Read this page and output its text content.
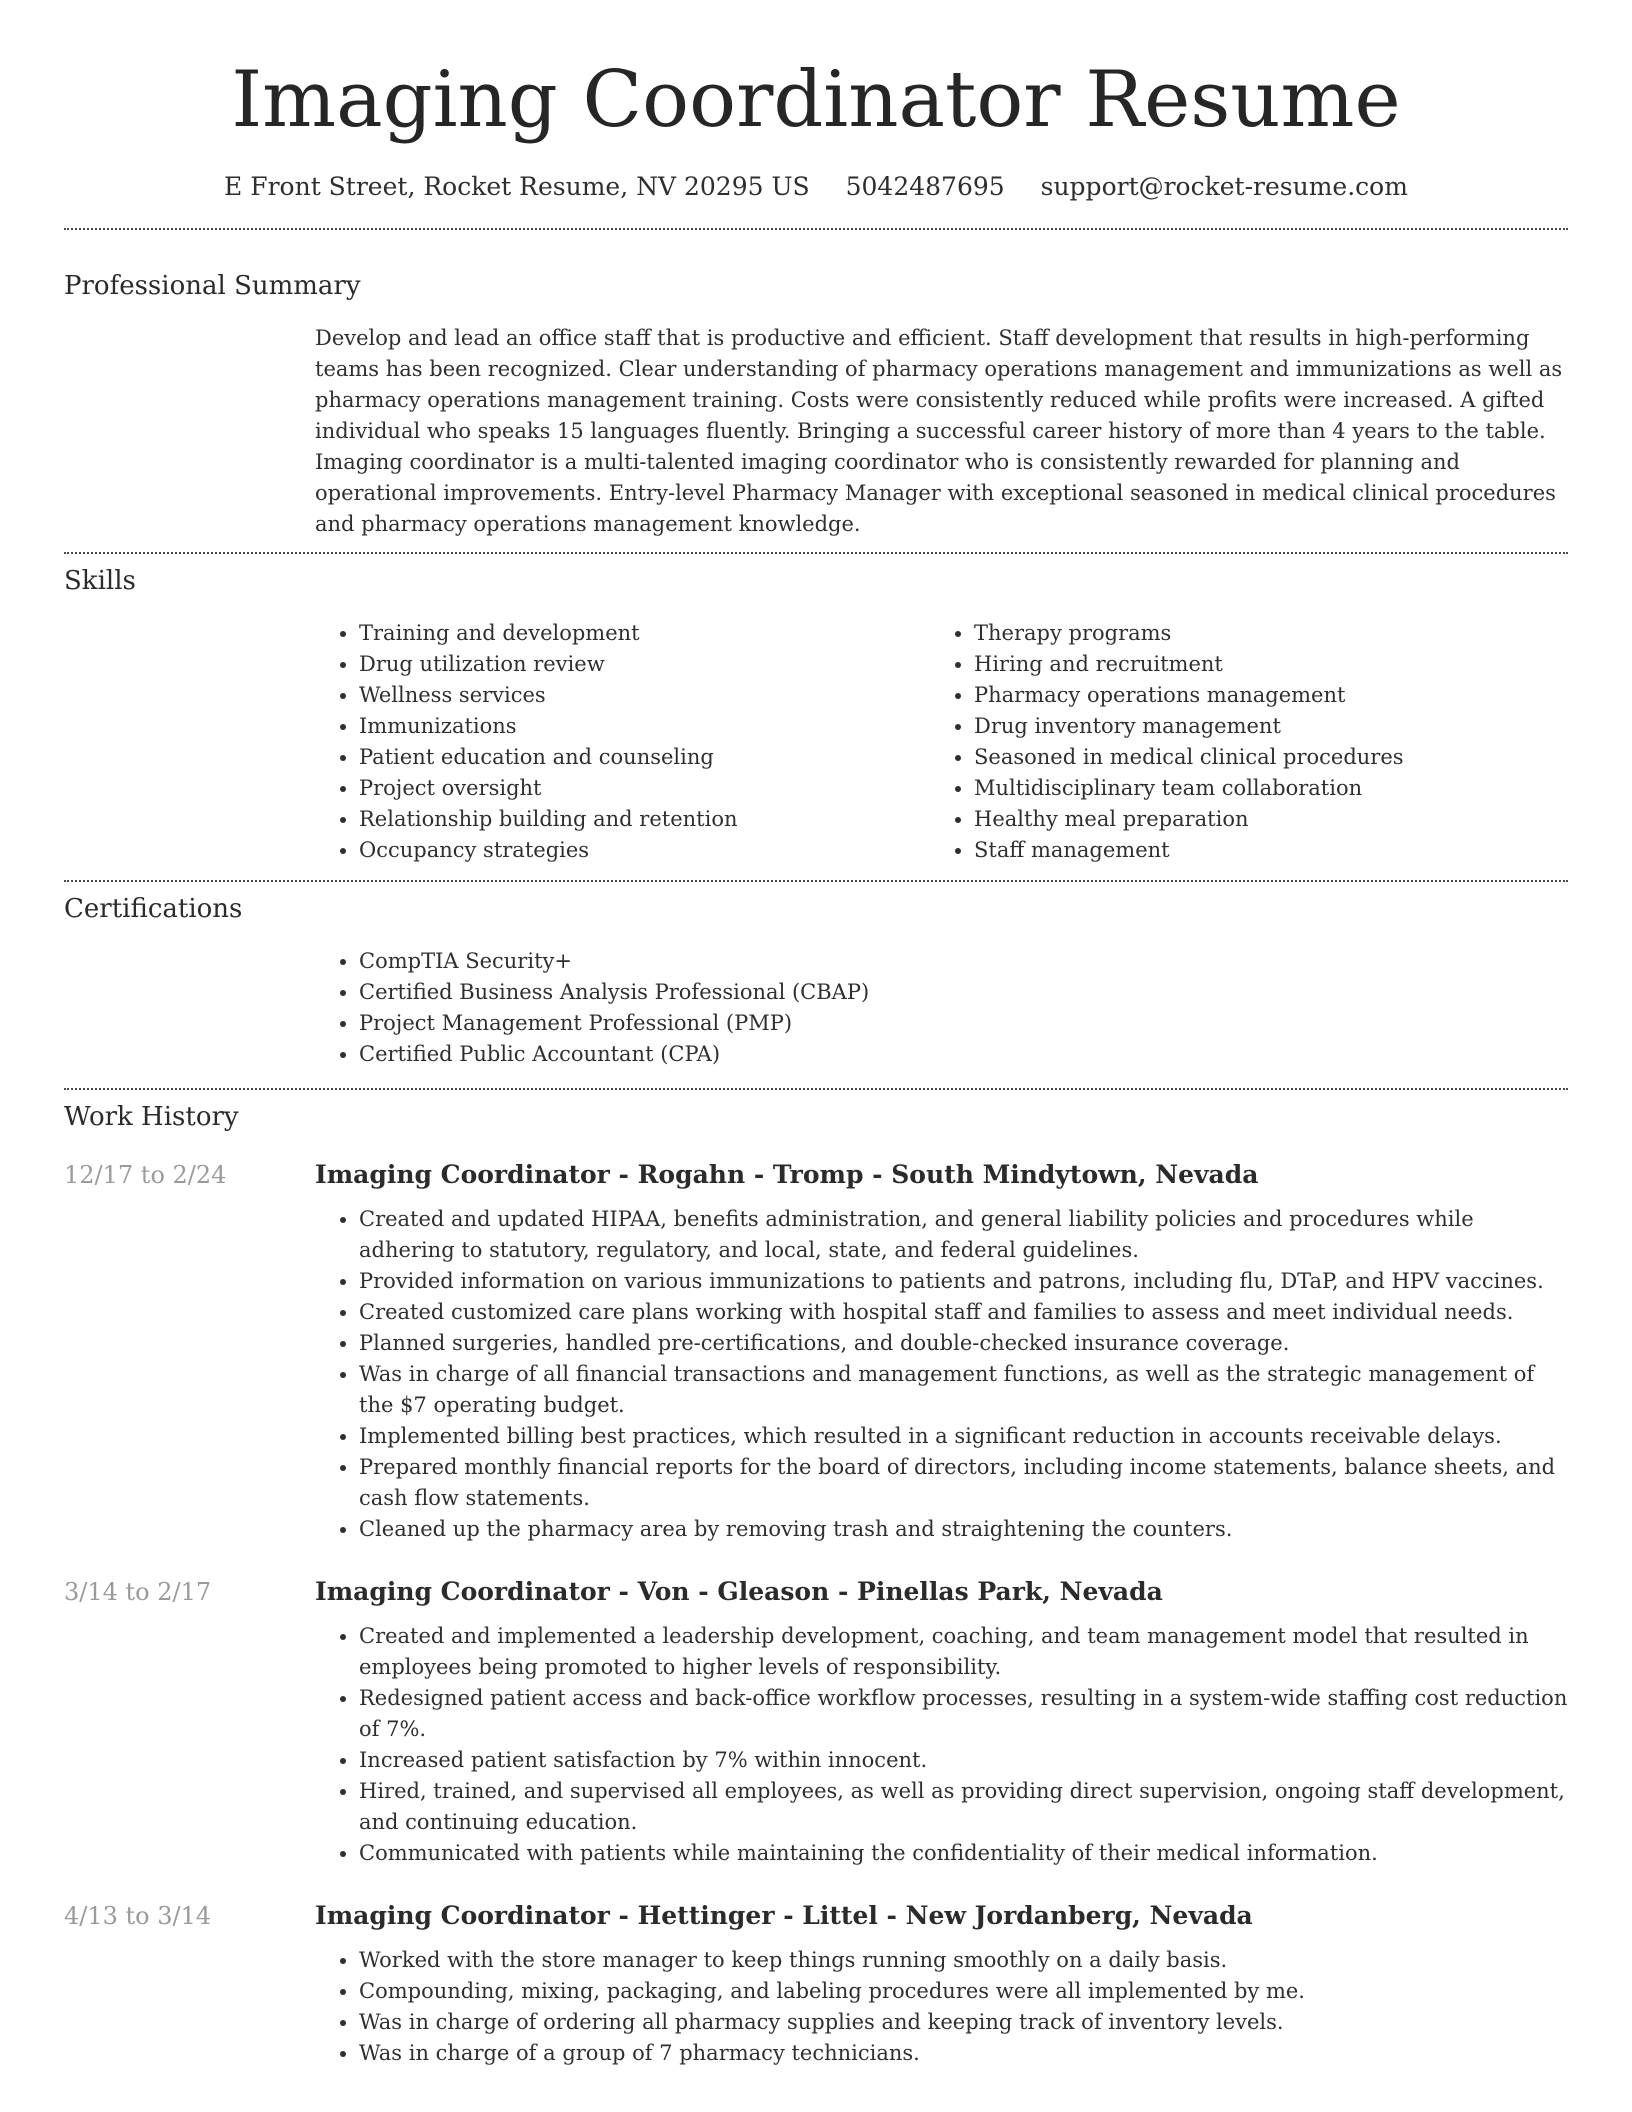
Imaging Coordinator Resume
E Front Street, Rocket Resume, NV 20295 US 5042487695 support@rocket-resume.com
Professional Summary

Develop and lead an office staff that is productive and efficient. Staff development that results in high-performing teams has been recognized. Clear understanding of pharmacy operations management and immunizations as well as pharmacy operations management training. Costs were consistently reduced while profits were increased. A gifted individual who speaks 15 languages fluently. Bringing a successful career history of more than 4 years to the table. Imaging coordinator is a multi-talented imaging coordinator who is consistently rewarded for planning and operational improvements. Entry-level Pharmacy Manager with exceptional seasoned in medical clinical procedures and pharmacy operations management knowledge.

Skills
• Training and development
• Drug utilization review
• Wellness services
• Immunizations
• Patient education and counseling
• Project oversight
• Relationship building and retention
• Occupancy strategies
• Therapy programs
• Hiring and recruitment
• Pharmacy operations management
• Drug inventory management
• Seasoned in medical clinical procedures
• Multidisciplinary team collaboration
• Healthy meal preparation
• Staff management
Certifications
• CompTIA Security+
• Certified Business Analysis Professional (CBAP)
• Project Management Professional (PMP)
• Certified Public Accountant (CPA)
Work History
12/17 to 2/24	Imaging Coordinator - Rogahn - Tromp - South Mindytown, Nevada
• Created and updated HIPAA, benefits administration, and general liability policies and procedures while adhering to statutory, regulatory, and local, state, and federal guidelines.
• Provided information on various immunizations to patients and patrons, including flu, DTaP, and HPV vaccines.
• Created customized care plans working with hospital staff and families to assess and meet individual needs.
• Planned surgeries, handled pre-certifications, and double-checked insurance coverage.
• Was in charge of all financial transactions and management functions, as well as the strategic management of the $7 operating budget.
• Implemented billing best practices, which resulted in a significant reduction in accounts receivable delays.
• Prepared monthly financial reports for the board of directors, including income statements, balance sheets, and cash flow statements.
• Cleaned up the pharmacy area by removing trash and straightening the counters.
3/14 to 2/17	Imaging Coordinator - Von - Gleason - Pinellas Park, Nevada
• Created and implemented a leadership development, coaching, and team management model that resulted in employees being promoted to higher levels of responsibility.
• Redesigned patient access and back-office workflow processes, resulting in a system-wide staffing cost reduction of 7%.
• Increased patient satisfaction by 7% within innocent.
• Hired, trained, and supervised all employees, as well as providing direct supervision, ongoing staff development, and continuing education.
• Communicated with patients while maintaining the confidentiality of their medical information.
4/13 to 3/14	Imaging Coordinator - Hettinger - Littel - New Jordanberg, Nevada
• Worked with the store manager to keep things running smoothly on a daily basis.
• Compounding, mixing, packaging, and labeling procedures were all implemented by me.
• Was in charge of ordering all pharmacy supplies and keeping track of inventory levels.
• Was in charge of a group of 7 pharmacy technicians.
